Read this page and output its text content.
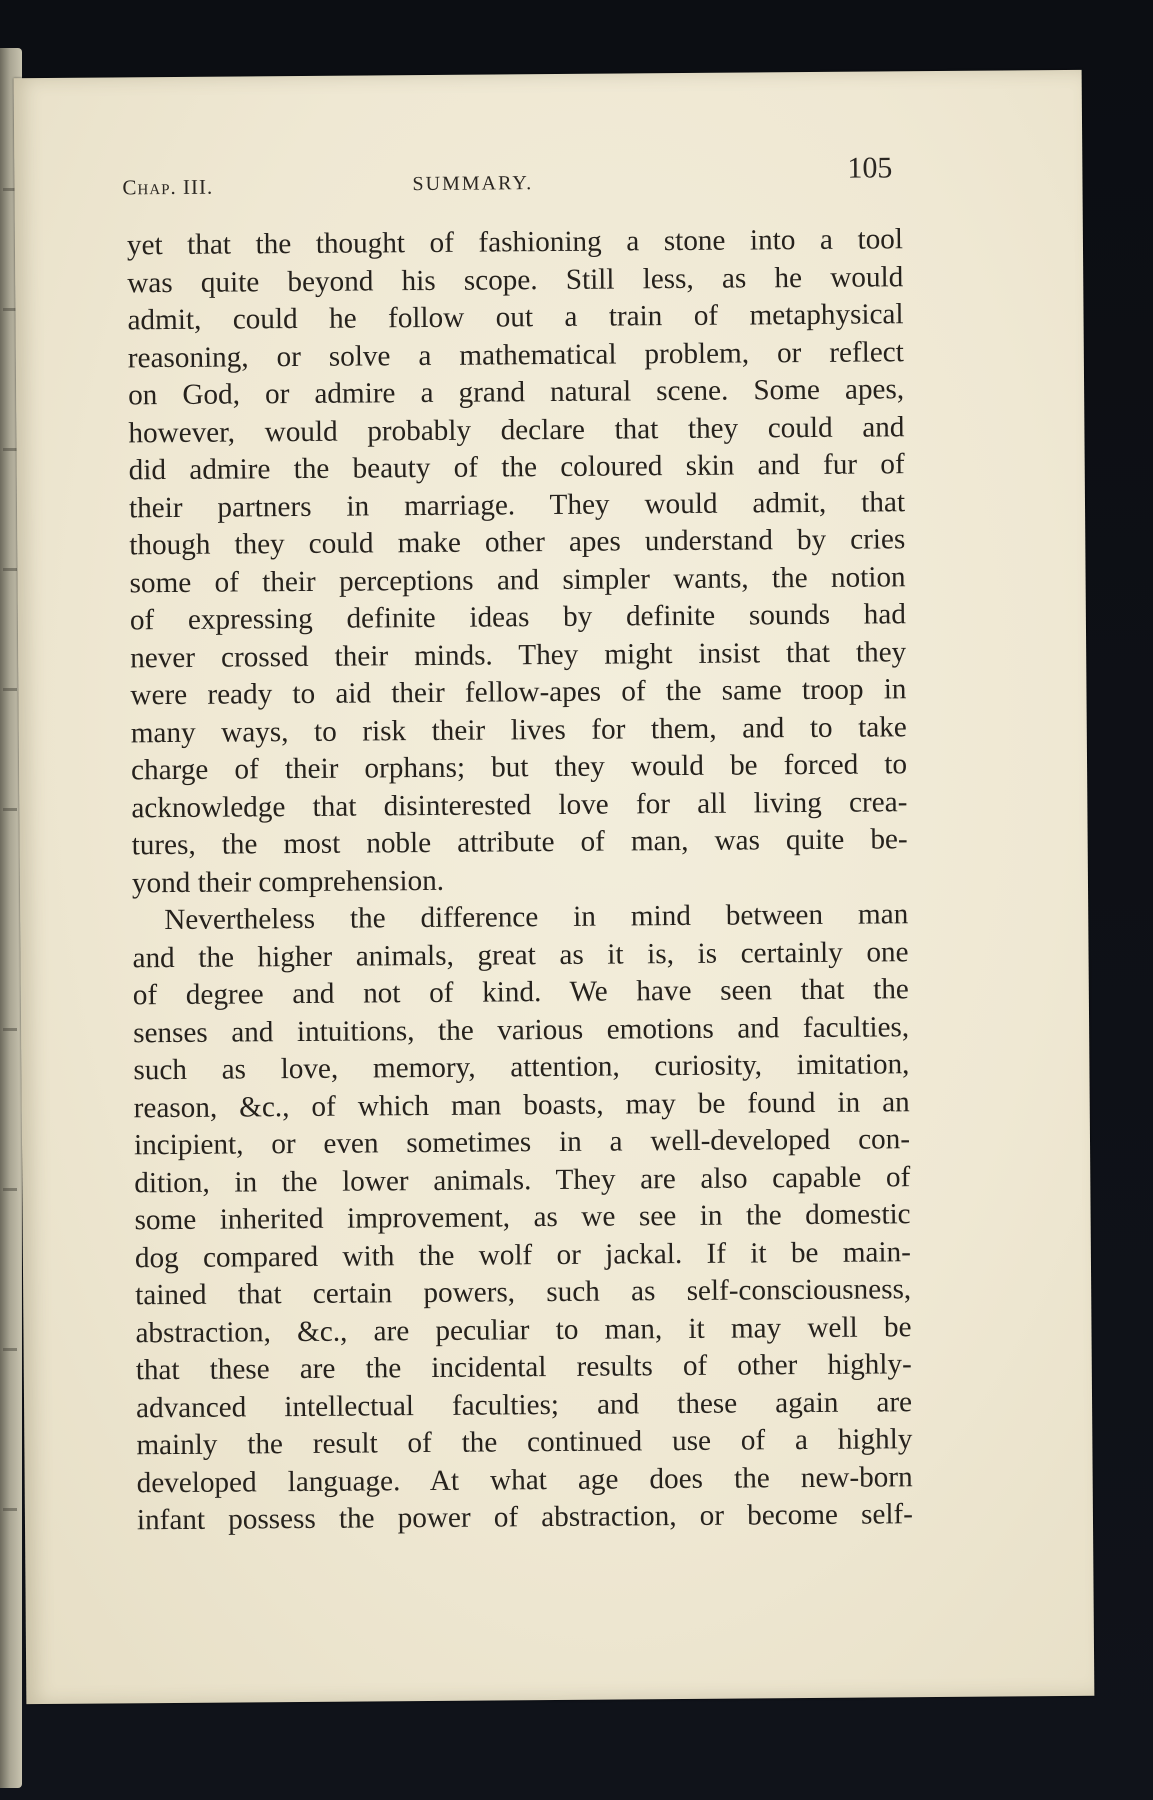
Chap. III.	SUMMARY.	105
yet that the thought of fashioning a stone into a tool
was quite beyond his scope. Still less, as he would
admit, could he follow out a train of metaphysical
reasoning, or solve a mathematical problem, or reflect
on God, or admire a grand natural scene. Some apes,
however, would probably declare that they could and
did admire the beauty of the coloured skin and fur of
their partners in marriage. They would admit, that
though they could make other apes understand by cries
some of their perceptions and simpler wants, the notion
of expressing definite ideas by definite sounds had
never crossed their minds. They might insist that they
were ready to aid their fellow-apes of the same troop in
many ways, to risk their lives for them, and to take
charge of their orphans; but they would be forced to
acknowledge that disinterested love for all living crea-
tures, the most noble attribute of man, was quite be-
yond their comprehension.
Nevertheless the difference in mind between man
and the higher animals, great as it is, is certainly one
of degree and not of kind. We have seen that the
senses and intuitions, the various emotions and faculties,
such as love, memory, attention, curiosity, imitation,
reason, &c., of which man boasts, may be found in an
incipient, or even sometimes in a well-developed con-
dition, in the lower animals. They are also capable of
some inherited improvement, as we see in the domestic
dog compared with the wolf or jackal. If it be main-
tained that certain powers, such as self-consciousness,
abstraction, &c., are peculiar to man, it may well be
that these are the incidental results of other highly-
advanced intellectual faculties; and these again are
mainly the result of the continued use of a highly
developed language. At what age does the new-born
infant possess the power of abstraction, or become self-
